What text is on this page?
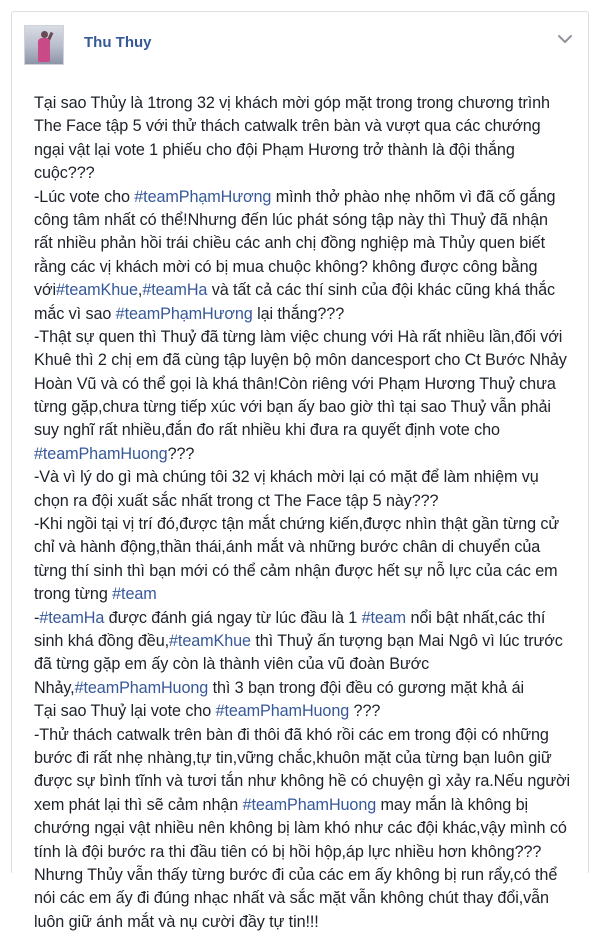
Thu Thuy
Tại sao Thủy là 1trong 32 vị khách mời góp mặt trong trong chương trình
The Face tập 5 với thử thách catwalk trên bàn và vượt qua các chướng
ngại vật lại vote 1 phiếu cho đội Phạm Hương trở thành là đội thắng
cuộc???
-Lúc vote cho #teamPhạmHương mình thở phào nhẹ nhõm vì đã cố gắng
công tâm nhất có thể!Nhưng đến lúc phát sóng tập này thì Thuỷ đã nhận
rất nhiều phản hồi trái chiều các anh chị đồng nghiệp mà Thủy quen biết
rằng các vị khách mời có bị mua chuộc không? không được công bằng
với#teamKhue,#teamHa và tất cả các thí sinh của đội khác cũng khá thắc
mắc vì sao #teamPhạmHương lại thắng???
-Thật sự quen thì Thuỷ đã từng làm việc chung với Hà rất nhiều lần,đối với
Khuê thì 2 chị em đã cùng tập luyện bộ môn dancesport cho Ct Bước Nhảy
Hoàn Vũ và có thể gọi là khá thân!Còn riêng với Phạm Hương Thuỷ chưa
từng gặp,chưa từng tiếp xúc với bạn ấy bao giờ thì tại sao Thuỷ vẫn phải
suy nghĩ rất nhiều,đắn đo rất nhiều khi đưa ra quyết định vote cho
#teamPhamHuong???
-Và vì lý do gì mà chúng tôi 32 vị khách mời lại có mặt để làm nhiệm vụ
chọn ra đội xuất sắc nhất trong ct The Face tập 5 này???
-Khi ngồi tại vị trí đó,được tận mắt chứng kiến,được nhìn thật gần từng cử
chỉ và hành động,thần thái,ánh mắt và những bước chân di chuyển của
từng thí sinh thì bạn mới có thể cảm nhận được hết sự nỗ lực của các em
trong từng #team
-#teamHa được đánh giá ngay từ lúc đầu là 1 #team nổi bật nhất,các thí
sinh khá đồng đều,#teamKhue thì Thuỷ ấn tượng bạn Mai Ngô vì lúc trước
đã từng gặp em ấy còn là thành viên của vũ đoàn Bước
Nhảy,#teamPhamHuong thì 3 bạn trong đội đều có gương mặt khả ái
Tại sao Thuỷ lại vote cho #teamPhamHuong ???
-Thử thách catwalk trên bàn đi thôi đã khó rồi các em trong đội có những
bước đi rất nhẹ nhàng,tự tin,vững chắc,khuôn mặt của từng bạn luôn giữ
được sự bình tĩnh và tươi tắn như không hề có chuyện gì xảy ra.Nếu người
xem phát lại thì sẽ cảm nhận #teamPhamHuong may mắn là không bị
chướng ngại vật nhiều nên không bị làm khó như các đội khác,vậy mình có
tính là đội bước ra thi đầu tiên có bị hồi hộp,áp lực nhiều hơn không???
Nhưng Thủy vẫn thấy từng bước đi của các em ấy không bị run rẩy,có thể
nói các em ấy đi đúng nhạc nhất và sắc mặt vẫn không chút thay đổi,vẫn
luôn giữ ánh mắt và nụ cười đầy tự tin!!!
